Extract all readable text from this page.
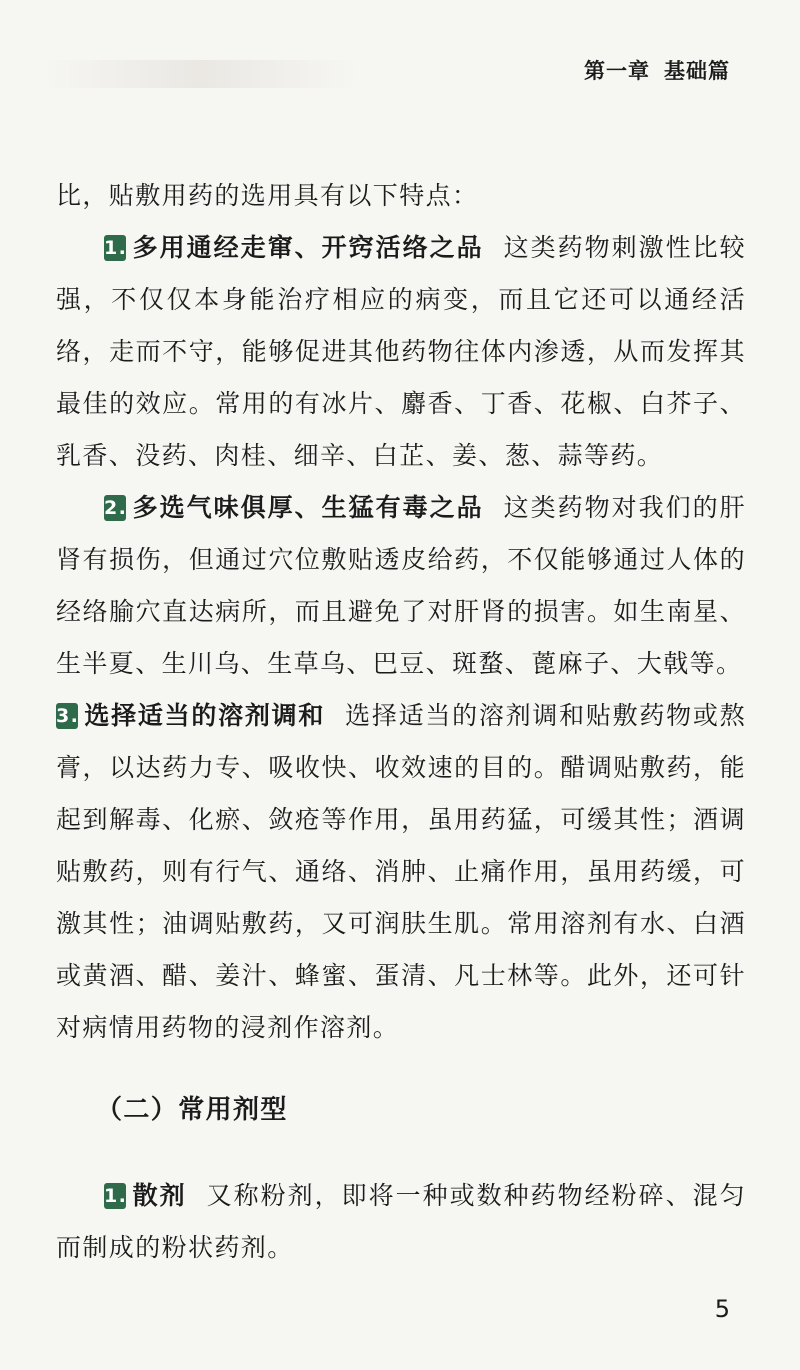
第一章 基础篇

比，贴敷用药的选用具有以下特点：

1. 多用通经走窜、开窍活络之品 这类药物刺激性比较强，不仅仅本身能治疗相应的病变，而且它还可以通经活络，走而不守，能够促进其他药物往体内渗透，从而发挥其最佳的效应。常用的有冰片、麝香、丁香、花椒、白芥子、乳香、没药、肉桂、细辛、白芷、姜、葱、蒜等药。

2. 多选气味俱厚、生猛有毒之品 这类药物对我们的肝肾有损伤，但通过穴位敷贴透皮给药，不仅能够通过人体的经络腧穴直达病所，而且避免了对肝肾的损害。如生南星、生半夏、生川乌、生草乌、巴豆、斑蝥、蓖麻子、大戟等。

3. 选择适当的溶剂调和 选择适当的溶剂调和贴敷药物或熬膏，以达药力专、吸收快、收效速的目的。醋调贴敷药，能起到解毒、化瘀、敛疮等作用，虽用药猛，可缓其性；酒调贴敷药，则有行气、通络、消肿、止痛作用，虽用药缓，可激其性；油调贴敷药，又可润肤生肌。常用溶剂有水、白酒或黄酒、醋、姜汁、蜂蜜、蛋清、凡士林等。此外，还可针对病情用药物的浸剂作溶剂。

（二）常用剂型

1. 散剂 又称粉剂，即将一种或数种药物经粉碎、混匀而制成的粉状药剂。

5
